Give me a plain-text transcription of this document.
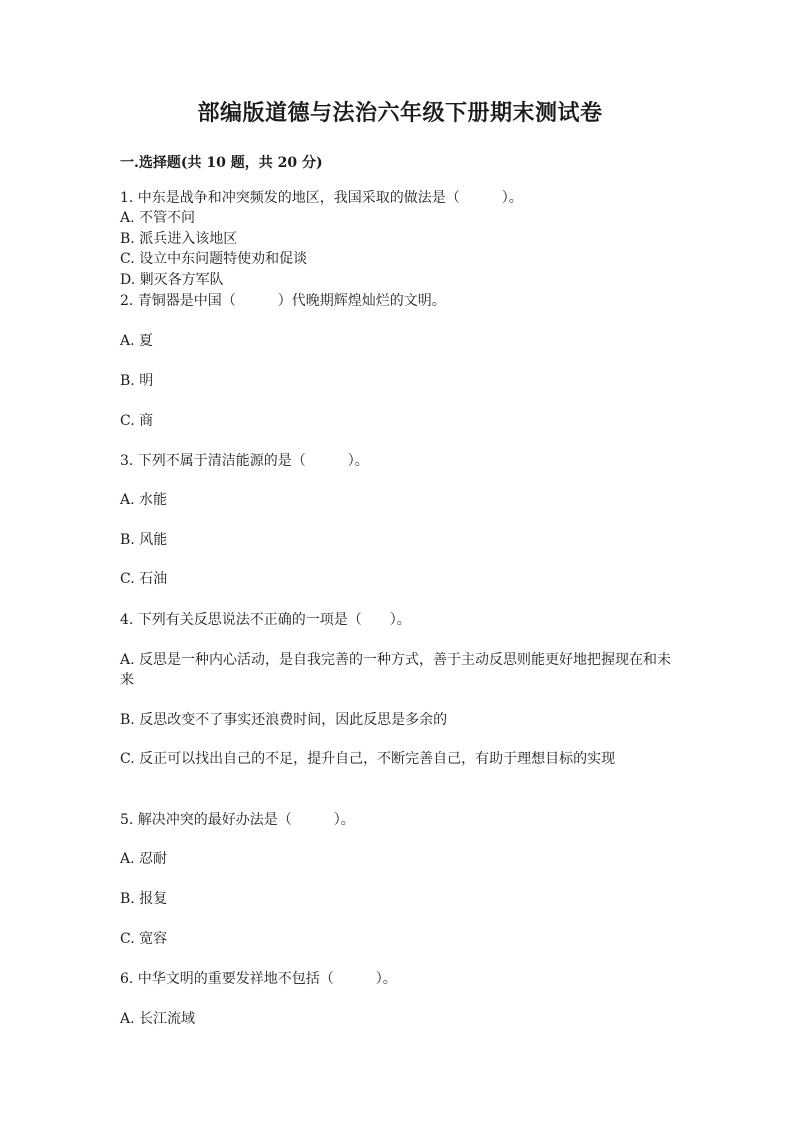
部编版道德与法治六年级下册期末测试卷
一.选择题(共 10 题，共 20 分)
1. 中东是战争和冲突频发的地区，我国采取的做法是（　　　）。
A. 不管不问
B. 派兵进入该地区
C. 设立中东问题特使劝和促谈
D. 剿灭各方军队
2. 青铜器是中国（　　　）代晚期辉煌灿烂的文明。
A. 夏
B. 明
C. 商
3. 下列不属于清洁能源的是（　　　）。
A. 水能
B. 风能
C. 石油
4. 下列有关反思说法不正确的一项是（　　）。
A. 反思是一种内心活动，是自我完善的一种方式，善于主动反思则能更好地把握现在和未来
B. 反思改变不了事实还浪费时间，因此反思是多余的
C. 反正可以找出自己的不足，提升自己，不断完善自己，有助于理想目标的实现
5. 解决冲突的最好办法是（　　　）。
A. 忍耐
B. 报复
C. 宽容
6. 中华文明的重要发祥地不包括（　　　）。
A. 长江流域
